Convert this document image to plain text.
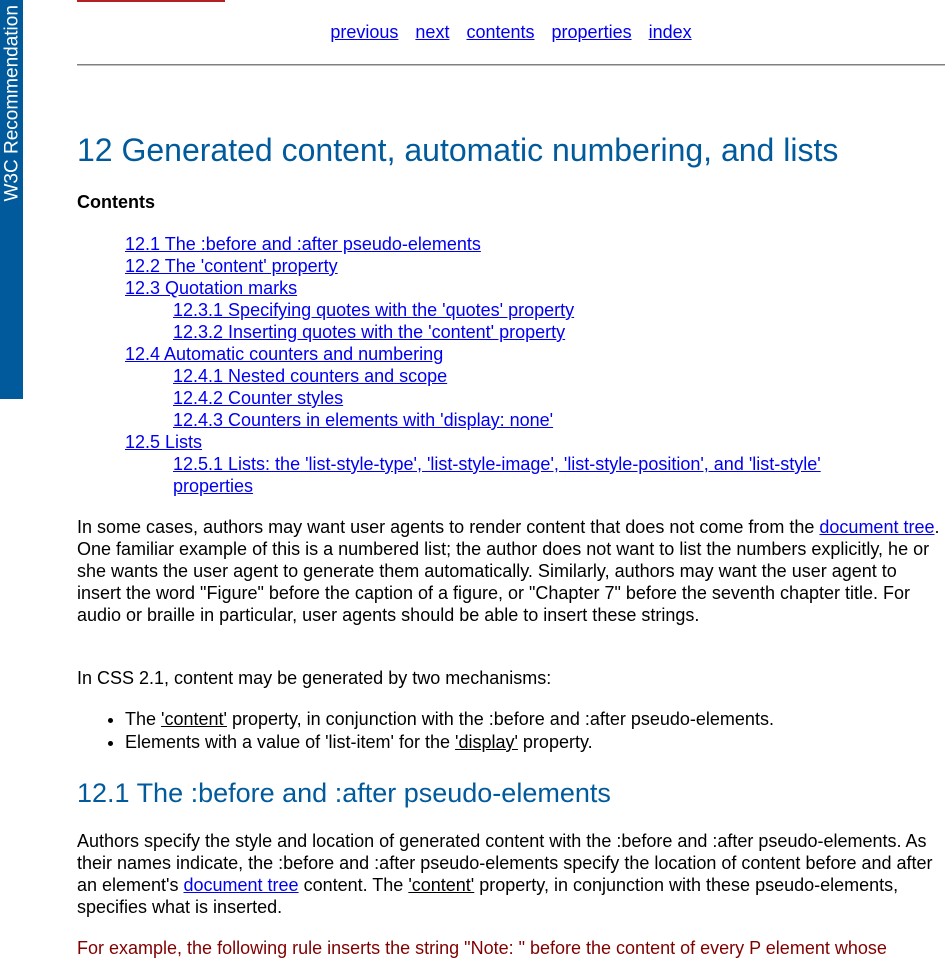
W3C Recommendation	previous next contents properties index
12 Generated content, automatic numbering, and lists
Contents
12.1 The :before and :after pseudo-elements
12.2 The 'content' property
12.3 Quotation marks
12.3.1 Specifying quotes with the 'quotes' property
12.3.2 Inserting quotes with the 'content' property
12.4 Automatic counters and numbering
12.4.1 Nested counters and scope
12.4.2 Counter styles
12.4.3 Counters in elements with 'display: none'
12.5 Lists
12.5.1 Lists: the 'list-style-type', 'list-style-image', 'list-style-position', and 'list-style' properties

In some cases, authors may want user agents to render content that does not come from the document tree. One familiar example of this is a numbered list; the author does not want to list the numbers explicitly, he or she wants the user agent to generate them automatically. Similarly, authors may want the user agent to insert the word "Figure" before the caption of a figure, or "Chapter 7" before the seventh chapter title. For audio or braille in particular, user agents should be able to insert these strings.

In CSS 2.1, content may be generated by two mechanisms:

• The 'content' property, in conjunction with the :before and :after pseudo-elements.
• Elements with a value of 'list-item' for the 'display' property.
12.1 The :before and :after pseudo-elements

Authors specify the style and location of generated content with the :before and :after pseudo-elements. As their names indicate, the :before and :after pseudo-elements specify the location of content before and after an element's document tree content. The 'content' property, in conjunction with these pseudo-elements, specifies what is inserted.

For example, the following rule inserts the string "Note: " before the content of every P element whose
